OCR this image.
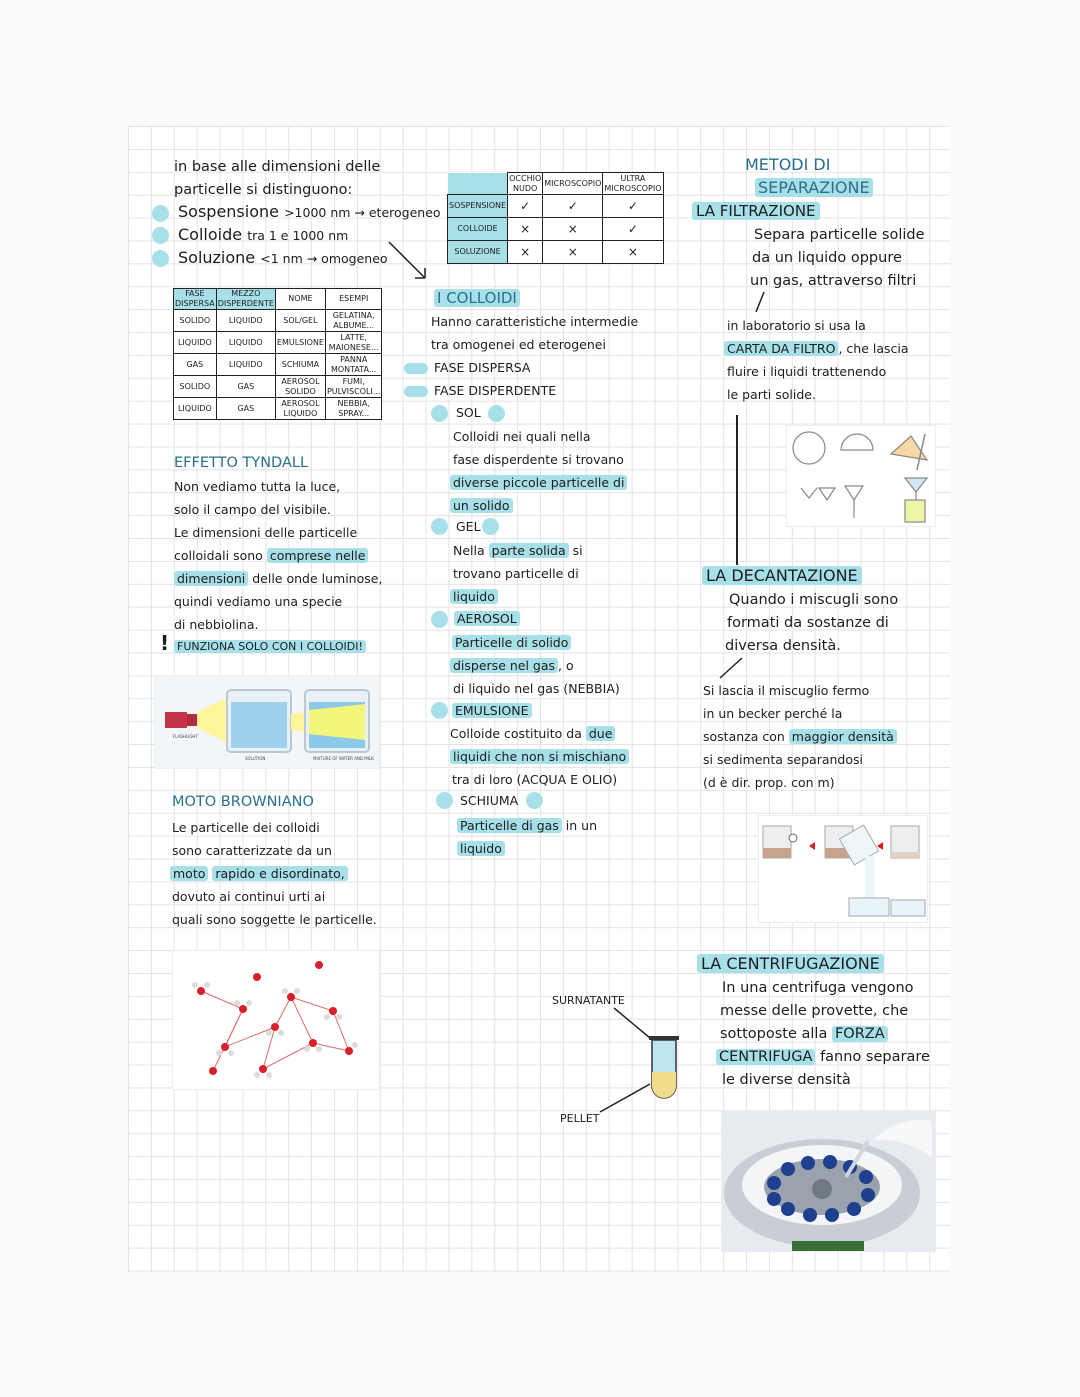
in base alle dimensioni delle
particelle si distinguono:
Sospensione >1000 nm → eterogeneo
Colloide tra 1 e 1000 nm
Soluzione <1 nm → omogeneo
FASE DISPERSA	MEZZO DISPERDENTE	NOME	ESEMPI
SOLIDO	LIQUIDO	SOL/GEL	GELATINA, ALBUME...
LIQUIDO	LIQUIDO	EMULSIONE	LATTE, MAIONESE...
GAS	LIQUIDO	SCHIUMA	PANNA MONTATA...
SOLIDO	GAS	AEROSOL SOLIDO	FUMI, PULVISCOLI...
LIQUIDO	GAS	AEROSOL LIQUIDO	NEBBIA, SPRAY...
EFFETTO TYNDALL
Non vediamo tutta la luce,
solo il campo del visibile.
Le dimensioni delle particelle
colloidali sono comprese nelle
dimensioni delle onde luminose,
quindi vediamo una specie
di nebbiolina.
! FUNZIONA SOLO CON I COLLOIDI!
FLASHLIGHT
SOLUTION	MIXTURE OF WATER AND MILK
MOTO BROWNIANO
Le particelle dei colloidi
sono caratterizzate da un
moto rapido e disordinato,
dovuto ai continui urti ai
quali sono soggette le particelle.
	OCCHIO NUDO	MICROSCOPIO	ULTRA MICROSCOPIO
SOSPENSIONE	✓	✓	✓
COLLOIDE	×	×	✓
SOLUZIONE	×	×	×
I COLLOIDI
Hanno caratteristiche intermedie
tra omogenei ed eterogenei
FASE DISPERSA
FASE DISPERDENTE
SOL
Colloidi nei quali nella
fase disperdente si trovano
diverse piccole particelle di
un solido
GEL
Nella parte solida si
trovano particelle di
liquido
AEROSOL
Particelle di solido
disperse nel gas , o
di liquido nel gas (NEBBIA)
EMULSIONE
Colloide costituito da due
liquidi che non si mischiano
tra di loro (ACQUA E OLIO)
SCHIUMA
Particelle di gas in un
liquido
SURNATANTE
PELLET
METODI DI
SEPARAZIONE
LA FILTRAZIONE
Separa particelle solide
da un liquido oppure
un gas, attraverso filtri
in laboratorio si usa la
CARTA DA FILTRO , che lascia
fluire i liquidi trattenendo
le parti solide.
LA DECANTAZIONE
Quando i miscugli sono
formati da sostanze di
diversa densità.
Si lascia il miscuglio fermo
in un becker perché la
sostanza con maggior densità
si sedimenta separandosi
(d è dir. prop. con m)
LA CENTRIFUGAZIONE
In una centrifuga vengono
messe delle provette, che
sottoposte alla FORZA
CENTRIFUGA fanno separare
le diverse densità
